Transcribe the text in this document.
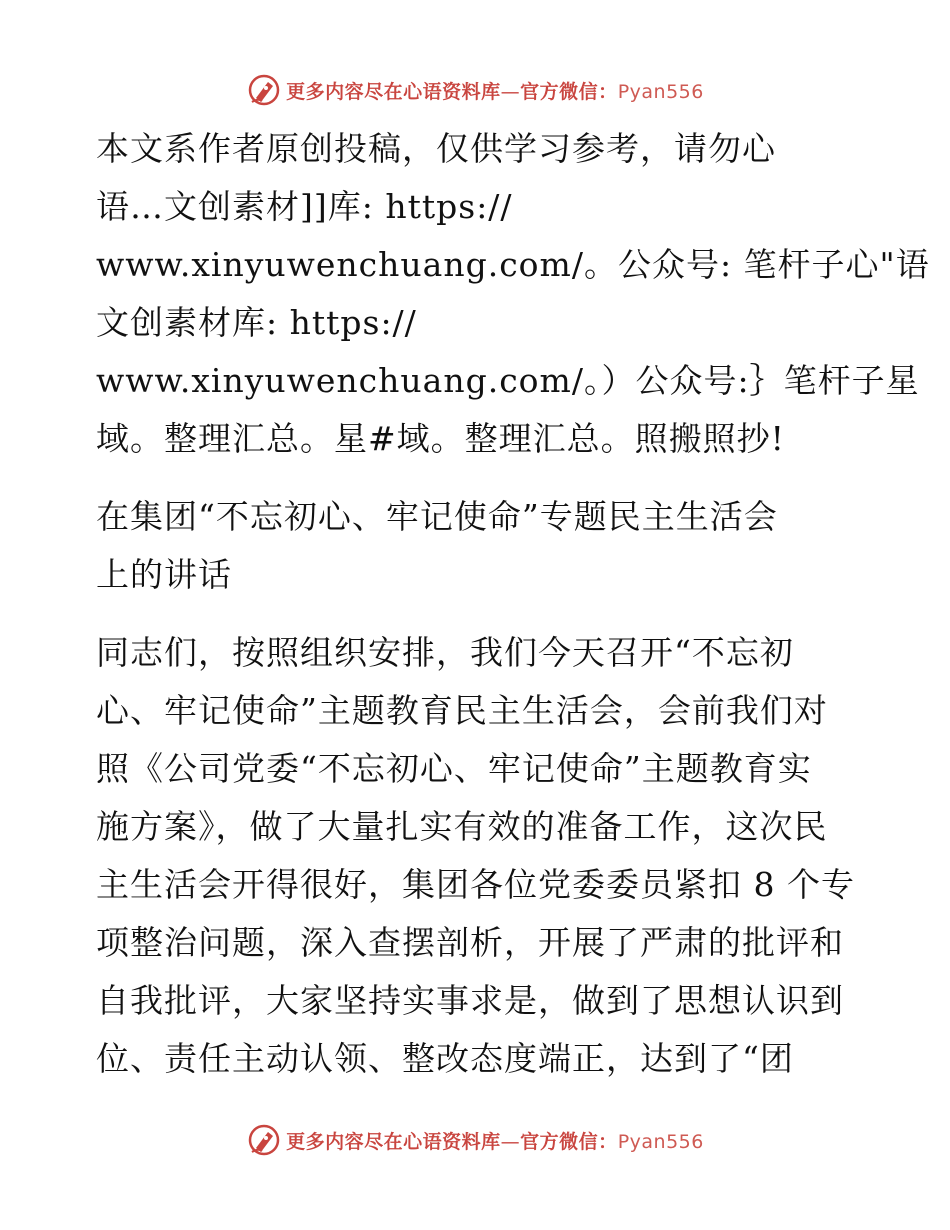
更多内容尽在心语资料库—官方微信：Pyan556
本文系作者原创投稿，仅供学习参考，请勿心
语…文创素材]]库: https://
www.xinyuwenchuang.com/。公众号: 笔杆子心"语
文创素材库: https://
www.xinyuwenchuang.com/。）公众号:｝笔杆子星
域。整理汇总。星#域。整理汇总。照搬照抄!
在集团“不忘初心、牢记使命”专题民主生活会
上的讲话
同志们，按照组织安排，我们今天召开“不忘初
心、牢记使命”主题教育民主生活会，会前我们对
照《公司党委“不忘初心、牢记使命”主题教育实
施方案》，做了大量扎实有效的准备工作，这次民
主生活会开得很好，集团各位党委委员紧扣 8 个专
项整治问题，深入查摆剖析，开展了严肃的批评和
自我批评，大家坚持实事求是，做到了思想认识到
位、责任主动认领、整改态度端正，达到了“团
更多内容尽在心语资料库—官方微信：Pyan556
